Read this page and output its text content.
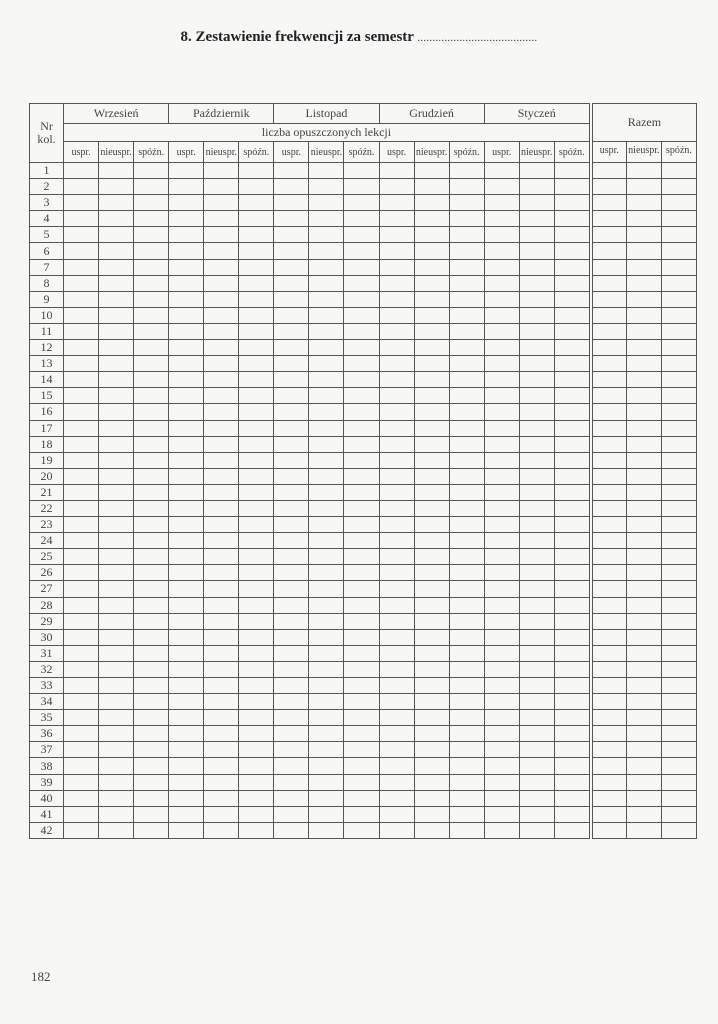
8. Zestawienie frekwencji za semestr ........................................
Nr kol.	Wrzesień			Październik			Listopad			Grudzień			Styczeń				Razem		
	liczba opuszczonych lekcji																		
	uspr.	nieuspr.	spóźn.	uspr.	nieuspr.	spóźn.	uspr.	nieuspr.	spóźn.	uspr.	nieuspr.	spóźn.	uspr.	nieuspr.	spóźn.		uspr.	nieuspr.	spóźn.
1																			
2																			
3																			
4																			
5																			
6																			
7																			
8																			
9																			
10																			
11																			
12																			
13																			
14																			
15																			
16																			
17																			
18																			
19																			
20																			
21																			
22																			
23																			
24																			
25																			
26																			
27																			
28																			
29																			
30																			
31																			
32																			
33																			
34																			
35																			
36																			
37																			
38																			
39																			
40																			
41																			
42																			
182
